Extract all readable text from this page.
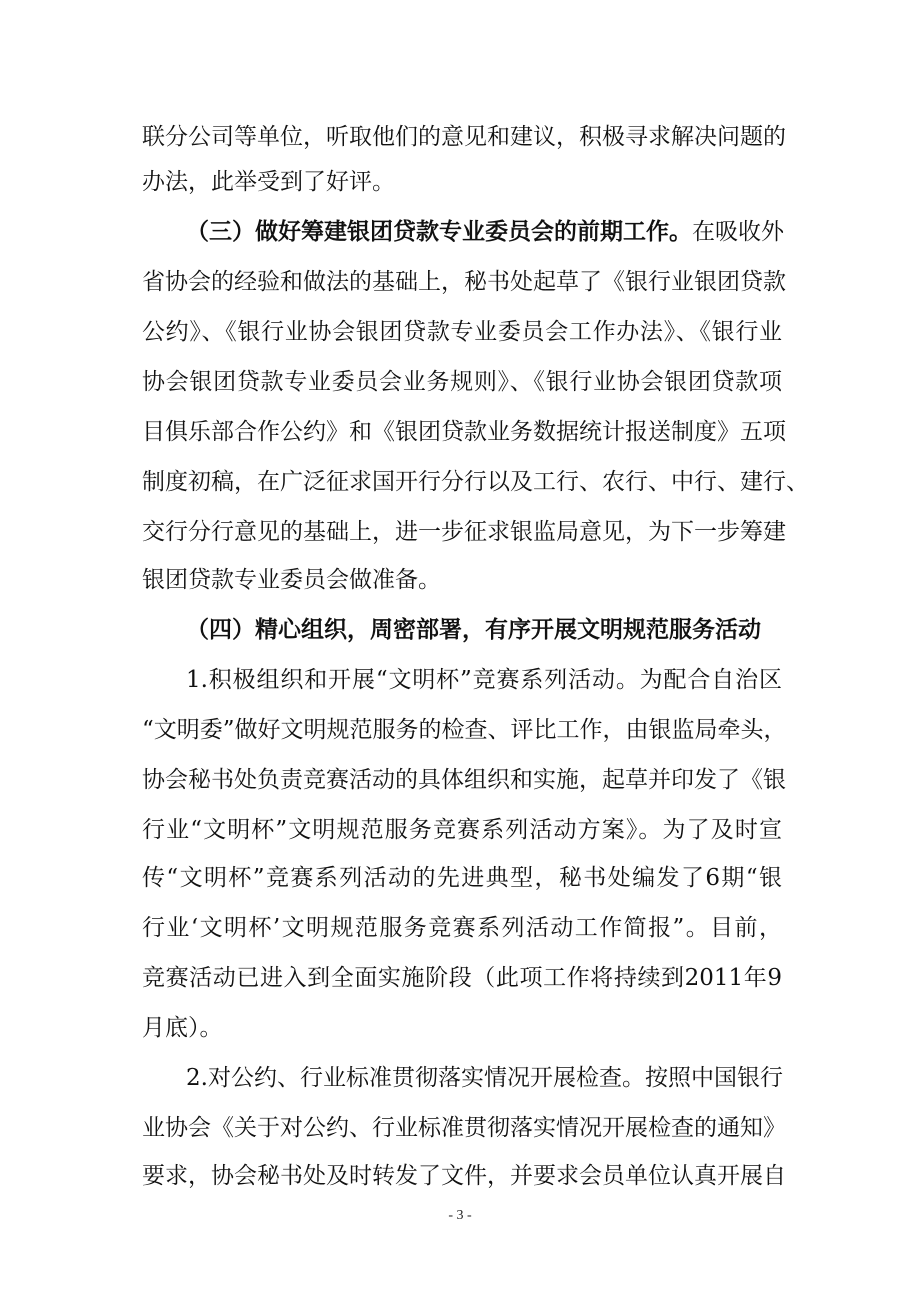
联分公司等单位，听取他们的意见和建议，积极寻求解决问题的
办法，此举受到了好评。
（三）做好筹建银团贷款专业委员会的前期工作。在吸收外
省协会的经验和做法的基础上，秘书处起草了《银行业银团贷款
公约》、《银行业协会银团贷款专业委员会工作办法》、《银行业
协会银团贷款专业委员会业务规则》、《银行业协会银团贷款项
目俱乐部合作公约》和《银团贷款业务数据统计报送制度》五项
制度初稿，在广泛征求国开行分行以及工行、农行、中行、建行、
交行分行意见的基础上，进一步征求银监局意见，为下一步筹建
银团贷款专业委员会做准备。
（四）精心组织，周密部署，有序开展文明规范服务活动
1.积极组织和开展“文明杯”竞赛系列活动。为配合自治区
“文明委”做好文明规范服务的检查、评比工作，由银监局牵头，
协会秘书处负责竞赛活动的具体组织和实施，起草并印发了《银
行业“文明杯”文明规范服务竞赛系列活动方案》。为了及时宣
传“文明杯”竞赛系列活动的先进典型，秘书处编发了6期“银
行业‘文明杯’文明规范服务竞赛系列活动工作简报”。目前，
竞赛活动已进入到全面实施阶段（此项工作将持续到2011年9
月底）。
2.对公约、行业标准贯彻落实情况开展检查。按照中国银行
业协会《关于对公约、行业标准贯彻落实情况开展检查的通知》
要求，协会秘书处及时转发了文件，并要求会员单位认真开展自
- 3 -
